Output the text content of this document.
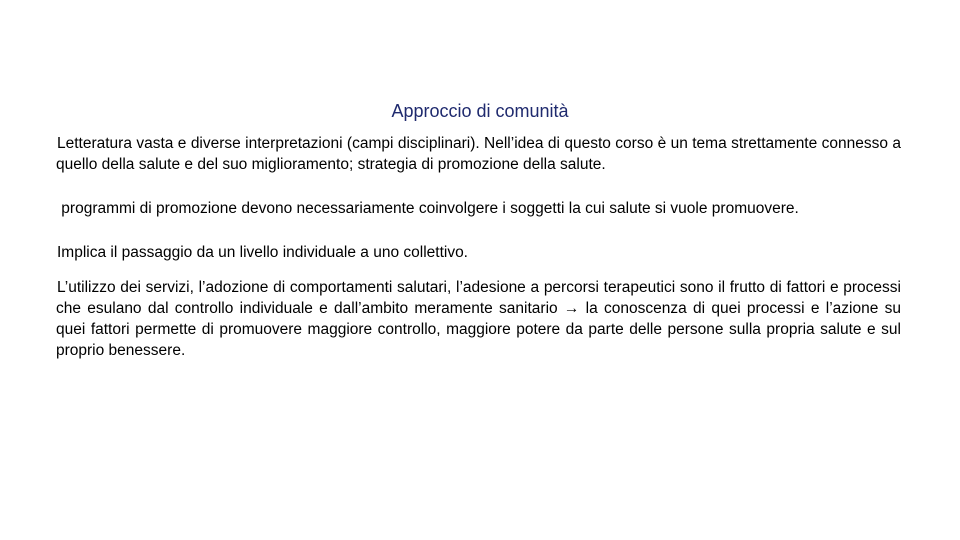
Approccio di comunità

Letteratura vasta e diverse interpretazioni (campi disciplinari). Nell’idea di questo corso è un tema strettamente connesso a quello della salute e del suo miglioramento; strategia di promozione della salute.

programmi di promozione devono necessariamente coinvolgere i soggetti la cui salute si vuole promuovere.

Implica il passaggio da un livello individuale a uno collettivo.

L’utilizzo dei servizi, l’adozione di comportamenti salutari, l’adesione a percorsi terapeutici sono il frutto di fattori e processi che esulano dal controllo individuale e dall’ambito meramente sanitario → la conoscenza di quei processi e l’azione su quei fattori permette di promuovere maggiore controllo, maggiore potere da parte delle persone sulla propria salute e sul proprio benessere.
